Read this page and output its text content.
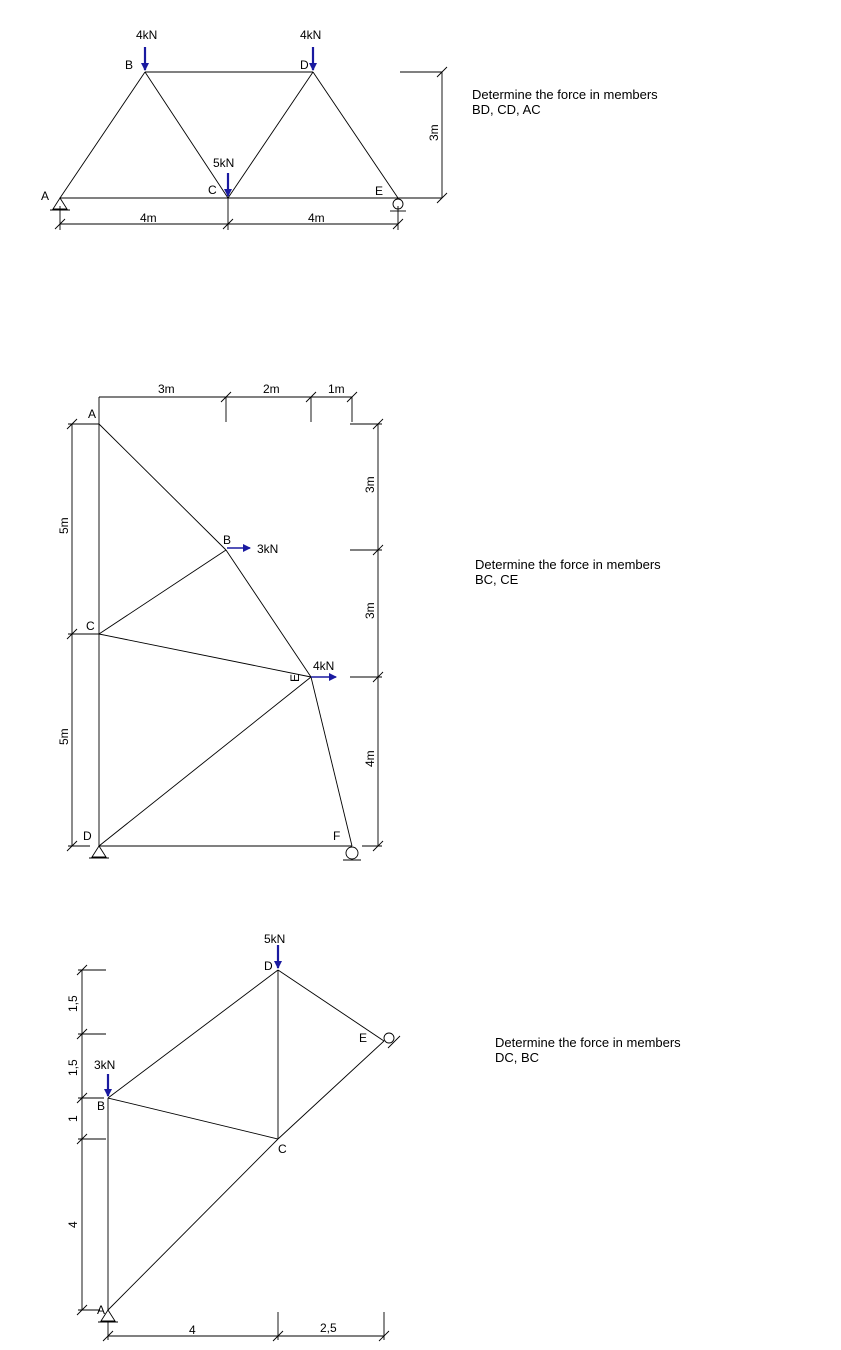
A
B
C
D
E
4kN	4kN
5kN
4m	4m
3m
A
B
C
D
E
F
3kN
4kN
3m	2m	1m
5m
5m
3m
3m
4m
A
B
C
D
E
5kN
3kN
1,5
1,5
1
4
4	2,5
Determine the force in members
BD, CD, AC
Determine the force in members
BC, CE
Determine the force in members
DC, BC
